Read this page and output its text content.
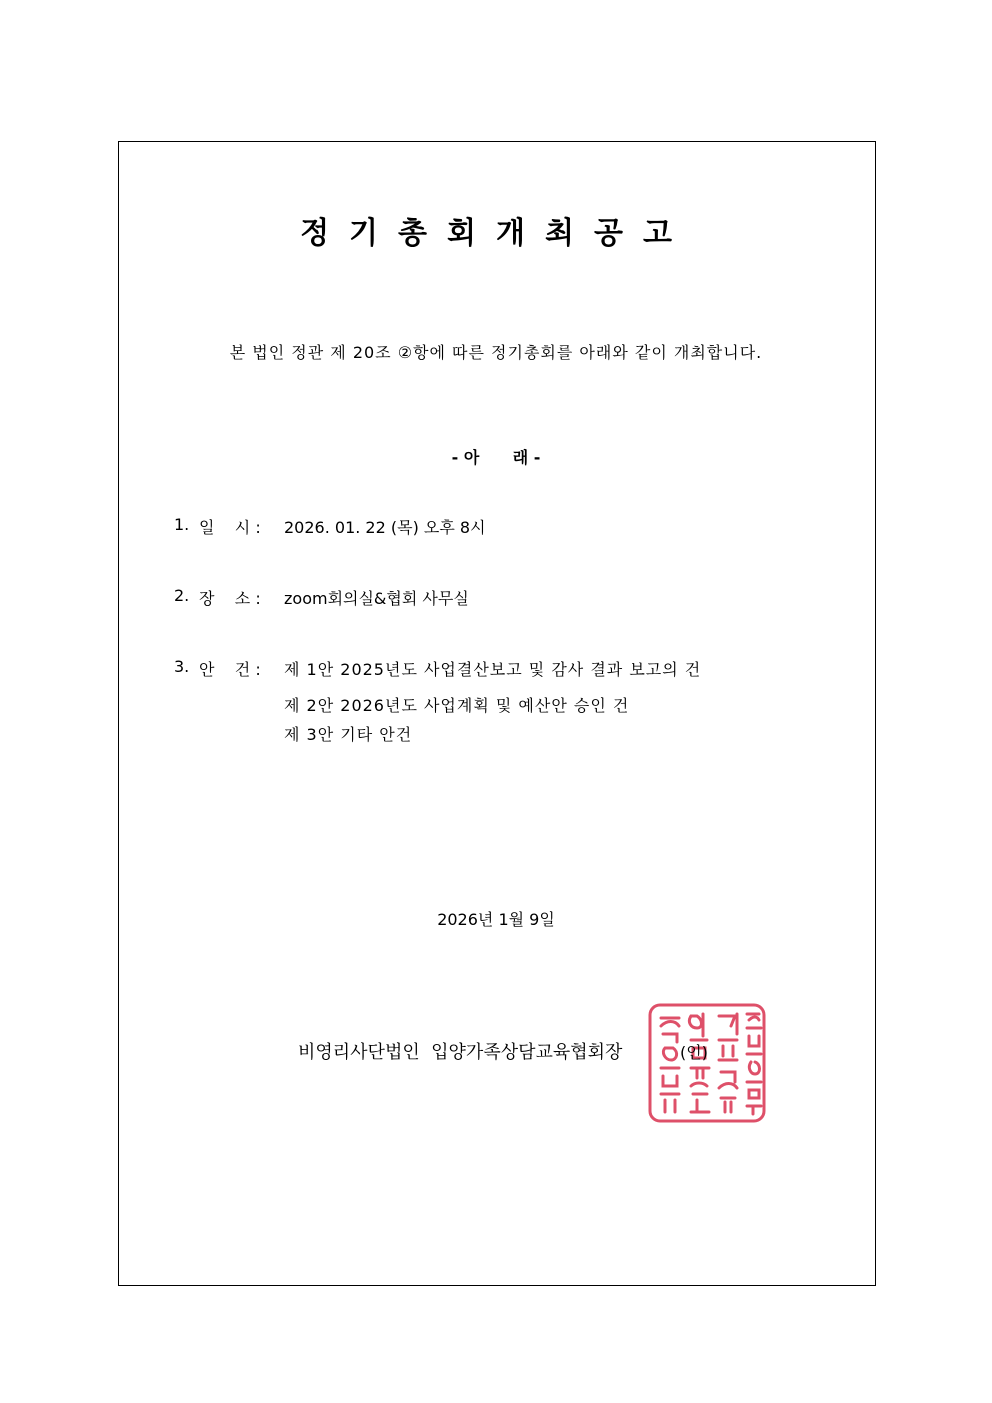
정기총회개최공고
본 법인 정관 제 20조 ②항에 따른 정기총회를 아래와 같이 개최합니다.
- 아      래 -
1. 일    시 : 2026. 01. 22 (목) 오후 8시
2. 장    소 : zoom회의실&협회 사무실
3. 안    건 : 제 1안 2025년도 사업결산보고 및 감사 결과 보고의 건
제 2안 2026년도 사업계획 및 예산안 승인 건
제 3안 기타 안건
2026년 1월 9일
비영리사단법인  입양가족상담교육협회장	(인)
